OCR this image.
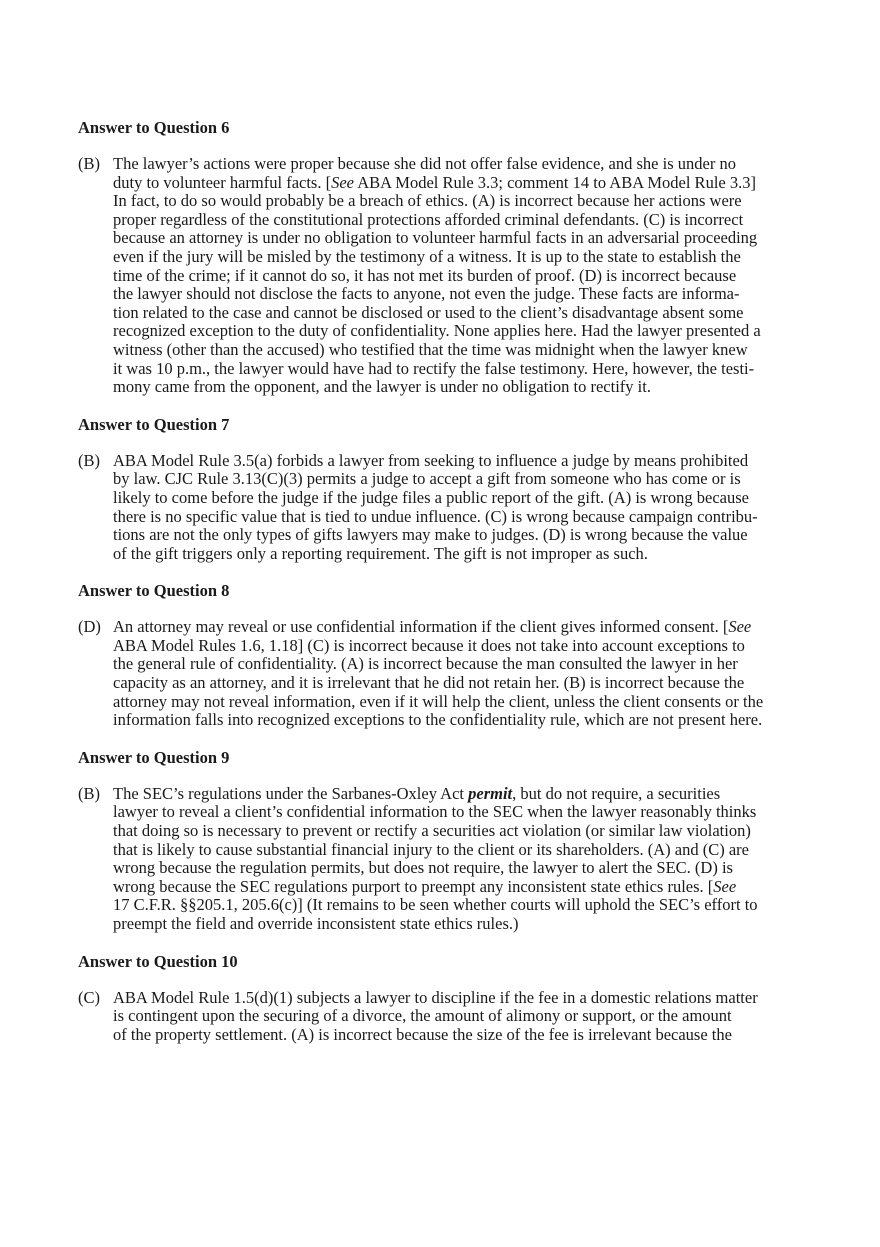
Answer to Question 6
(B) The lawyer’s actions were proper because she did not offer false evidence, and she is under no
duty to volunteer harmful facts. [See ABA Model Rule 3.3; comment 14 to ABA Model Rule 3.3]
In fact, to do so would probably be a breach of ethics. (A) is incorrect because her actions were
proper regardless of the constitutional protections afforded criminal defendants. (C) is incorrect
because an attorney is under no obligation to volunteer harmful facts in an adversarial proceeding
even if the jury will be misled by the testimony of a witness. It is up to the state to establish the
time of the crime; if it cannot do so, it has not met its burden of proof. (D) is incorrect because
the lawyer should not disclose the facts to anyone, not even the judge. These facts are informa-
tion related to the case and cannot be disclosed or used to the client’s disadvantage absent some
recognized exception to the duty of confidentiality. None applies here. Had the lawyer presented a
witness (other than the accused) who testified that the time was midnight when the lawyer knew
it was 10 p.m., the lawyer would have had to rectify the false testimony. Here, however, the testi-
mony came from the opponent, and the lawyer is under no obligation to rectify it.
Answer to Question 7
(B) ABA Model Rule 3.5(a) forbids a lawyer from seeking to influence a judge by means prohibited
by law. CJC Rule 3.13(C)(3) permits a judge to accept a gift from someone who has come or is
likely to come before the judge if the judge files a public report of the gift. (A) is wrong because
there is no specific value that is tied to undue influence. (C) is wrong because campaign contribu-
tions are not the only types of gifts lawyers may make to judges. (D) is wrong because the value
of the gift triggers only a reporting requirement. The gift is not improper as such.
Answer to Question 8
(D) An attorney may reveal or use confidential information if the client gives informed consent. [See
ABA Model Rules 1.6, 1.18] (C) is incorrect because it does not take into account exceptions to
the general rule of confidentiality. (A) is incorrect because the man consulted the lawyer in her
capacity as an attorney, and it is irrelevant that he did not retain her. (B) is incorrect because the
attorney may not reveal information, even if it will help the client, unless the client consents or the
information falls into recognized exceptions to the confidentiality rule, which are not present here.
Answer to Question 9
(B) The SEC’s regulations under the Sarbanes-Oxley Act permit, but do not require, a securities
lawyer to reveal a client’s confidential information to the SEC when the lawyer reasonably thinks
that doing so is necessary to prevent or rectify a securities act violation (or similar law violation)
that is likely to cause substantial financial injury to the client or its shareholders. (A) and (C) are
wrong because the regulation permits, but does not require, the lawyer to alert the SEC. (D) is
wrong because the SEC regulations purport to preempt any inconsistent state ethics rules. [See
17 C.F.R. §§205.1, 205.6(c)] (It remains to be seen whether courts will uphold the SEC’s effort to
preempt the field and override inconsistent state ethics rules.)
Answer to Question 10
(C) ABA Model Rule 1.5(d)(1) subjects a lawyer to discipline if the fee in a domestic relations matter
is contingent upon the securing of a divorce, the amount of alimony or support, or the amount
of the property settlement. (A) is incorrect because the size of the fee is irrelevant because the
